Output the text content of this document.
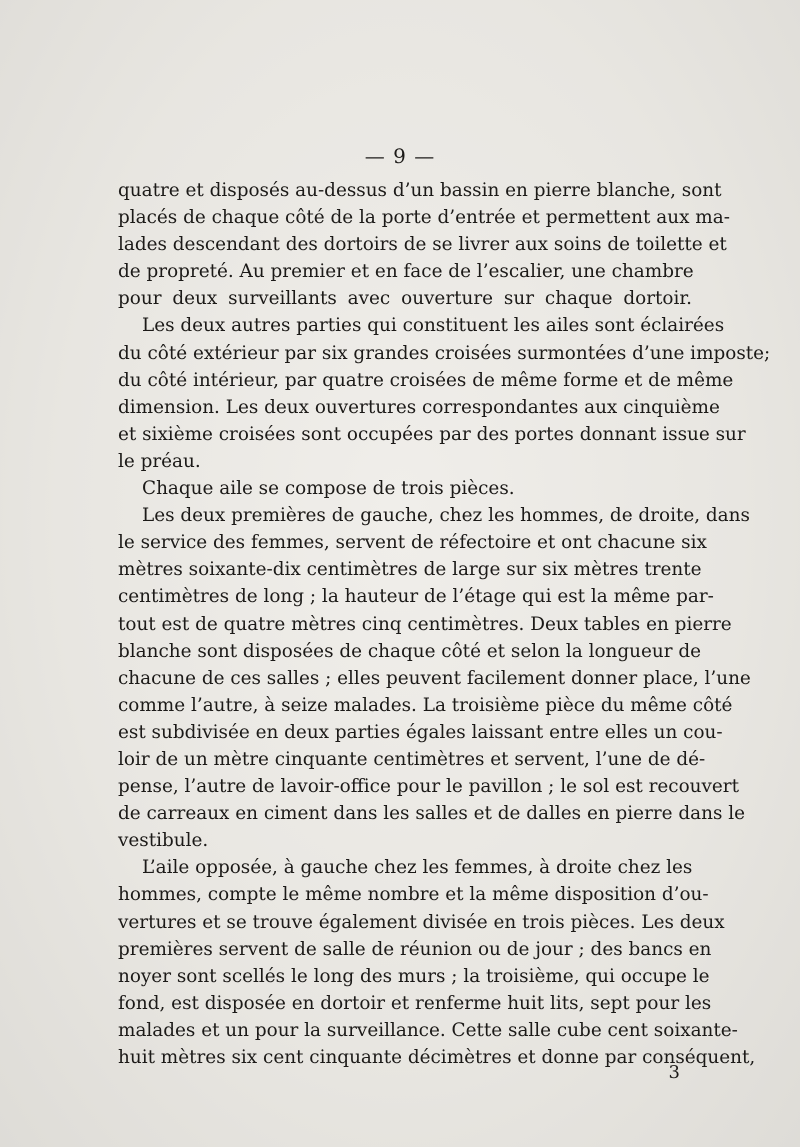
— 9 —
quatre et disposés au-dessus d’un bassin en pierre blanche, sont
placés de chaque côté de la porte d’entrée et permettent aux ma-
lades descendant des dortoirs de se livrer aux soins de toilette et
de propreté. Au premier et en face de l’escalier, une chambre
pour deux surveillants avec ouverture sur chaque dortoir.
Les deux autres parties qui constituent les ailes sont éclairées
du côté extérieur par six grandes croisées surmontées d’une imposte;
du côté intérieur, par quatre croisées de même forme et de même
dimension. Les deux ouvertures correspondantes aux cinquième
et sixième croisées sont occupées par des portes donnant issue sur
le préau.
Chaque aile se compose de trois pièces.
Les deux premières de gauche, chez les hommes, de droite, dans
le service des femmes, servent de réfectoire et ont chacune six
mètres soixante-dix centimètres de large sur six mètres trente
centimètres de long ; la hauteur de l’étage qui est la même par-
tout est de quatre mètres cinq centimètres. Deux tables en pierre
blanche sont disposées de chaque côté et selon la longueur de
chacune de ces salles ; elles peuvent facilement donner place, l’une
comme l’autre, à seize malades. La troisième pièce du même côté
est subdivisée en deux parties égales laissant entre elles un cou-
loir de un mètre cinquante centimètres et servent, l’une de dé-
pense, l’autre de lavoir-office pour le pavillon ; le sol est recouvert
de carreaux en ciment dans les salles et de dalles en pierre dans le
vestibule.
L’aile opposée, à gauche chez les femmes, à droite chez les
hommes, compte le même nombre et la même disposition d’ou-
vertures et se trouve également divisée en trois pièces. Les deux
premières servent de salle de réunion ou de jour ; des bancs en
noyer sont scellés le long des murs ; la troisième, qui occupe le
fond, est disposée en dortoir et renferme huit lits, sept pour les
malades et un pour la surveillance. Cette salle cube cent soixante-
huit mètres six cent cinquante décimètres et donne par conséquent,
3
